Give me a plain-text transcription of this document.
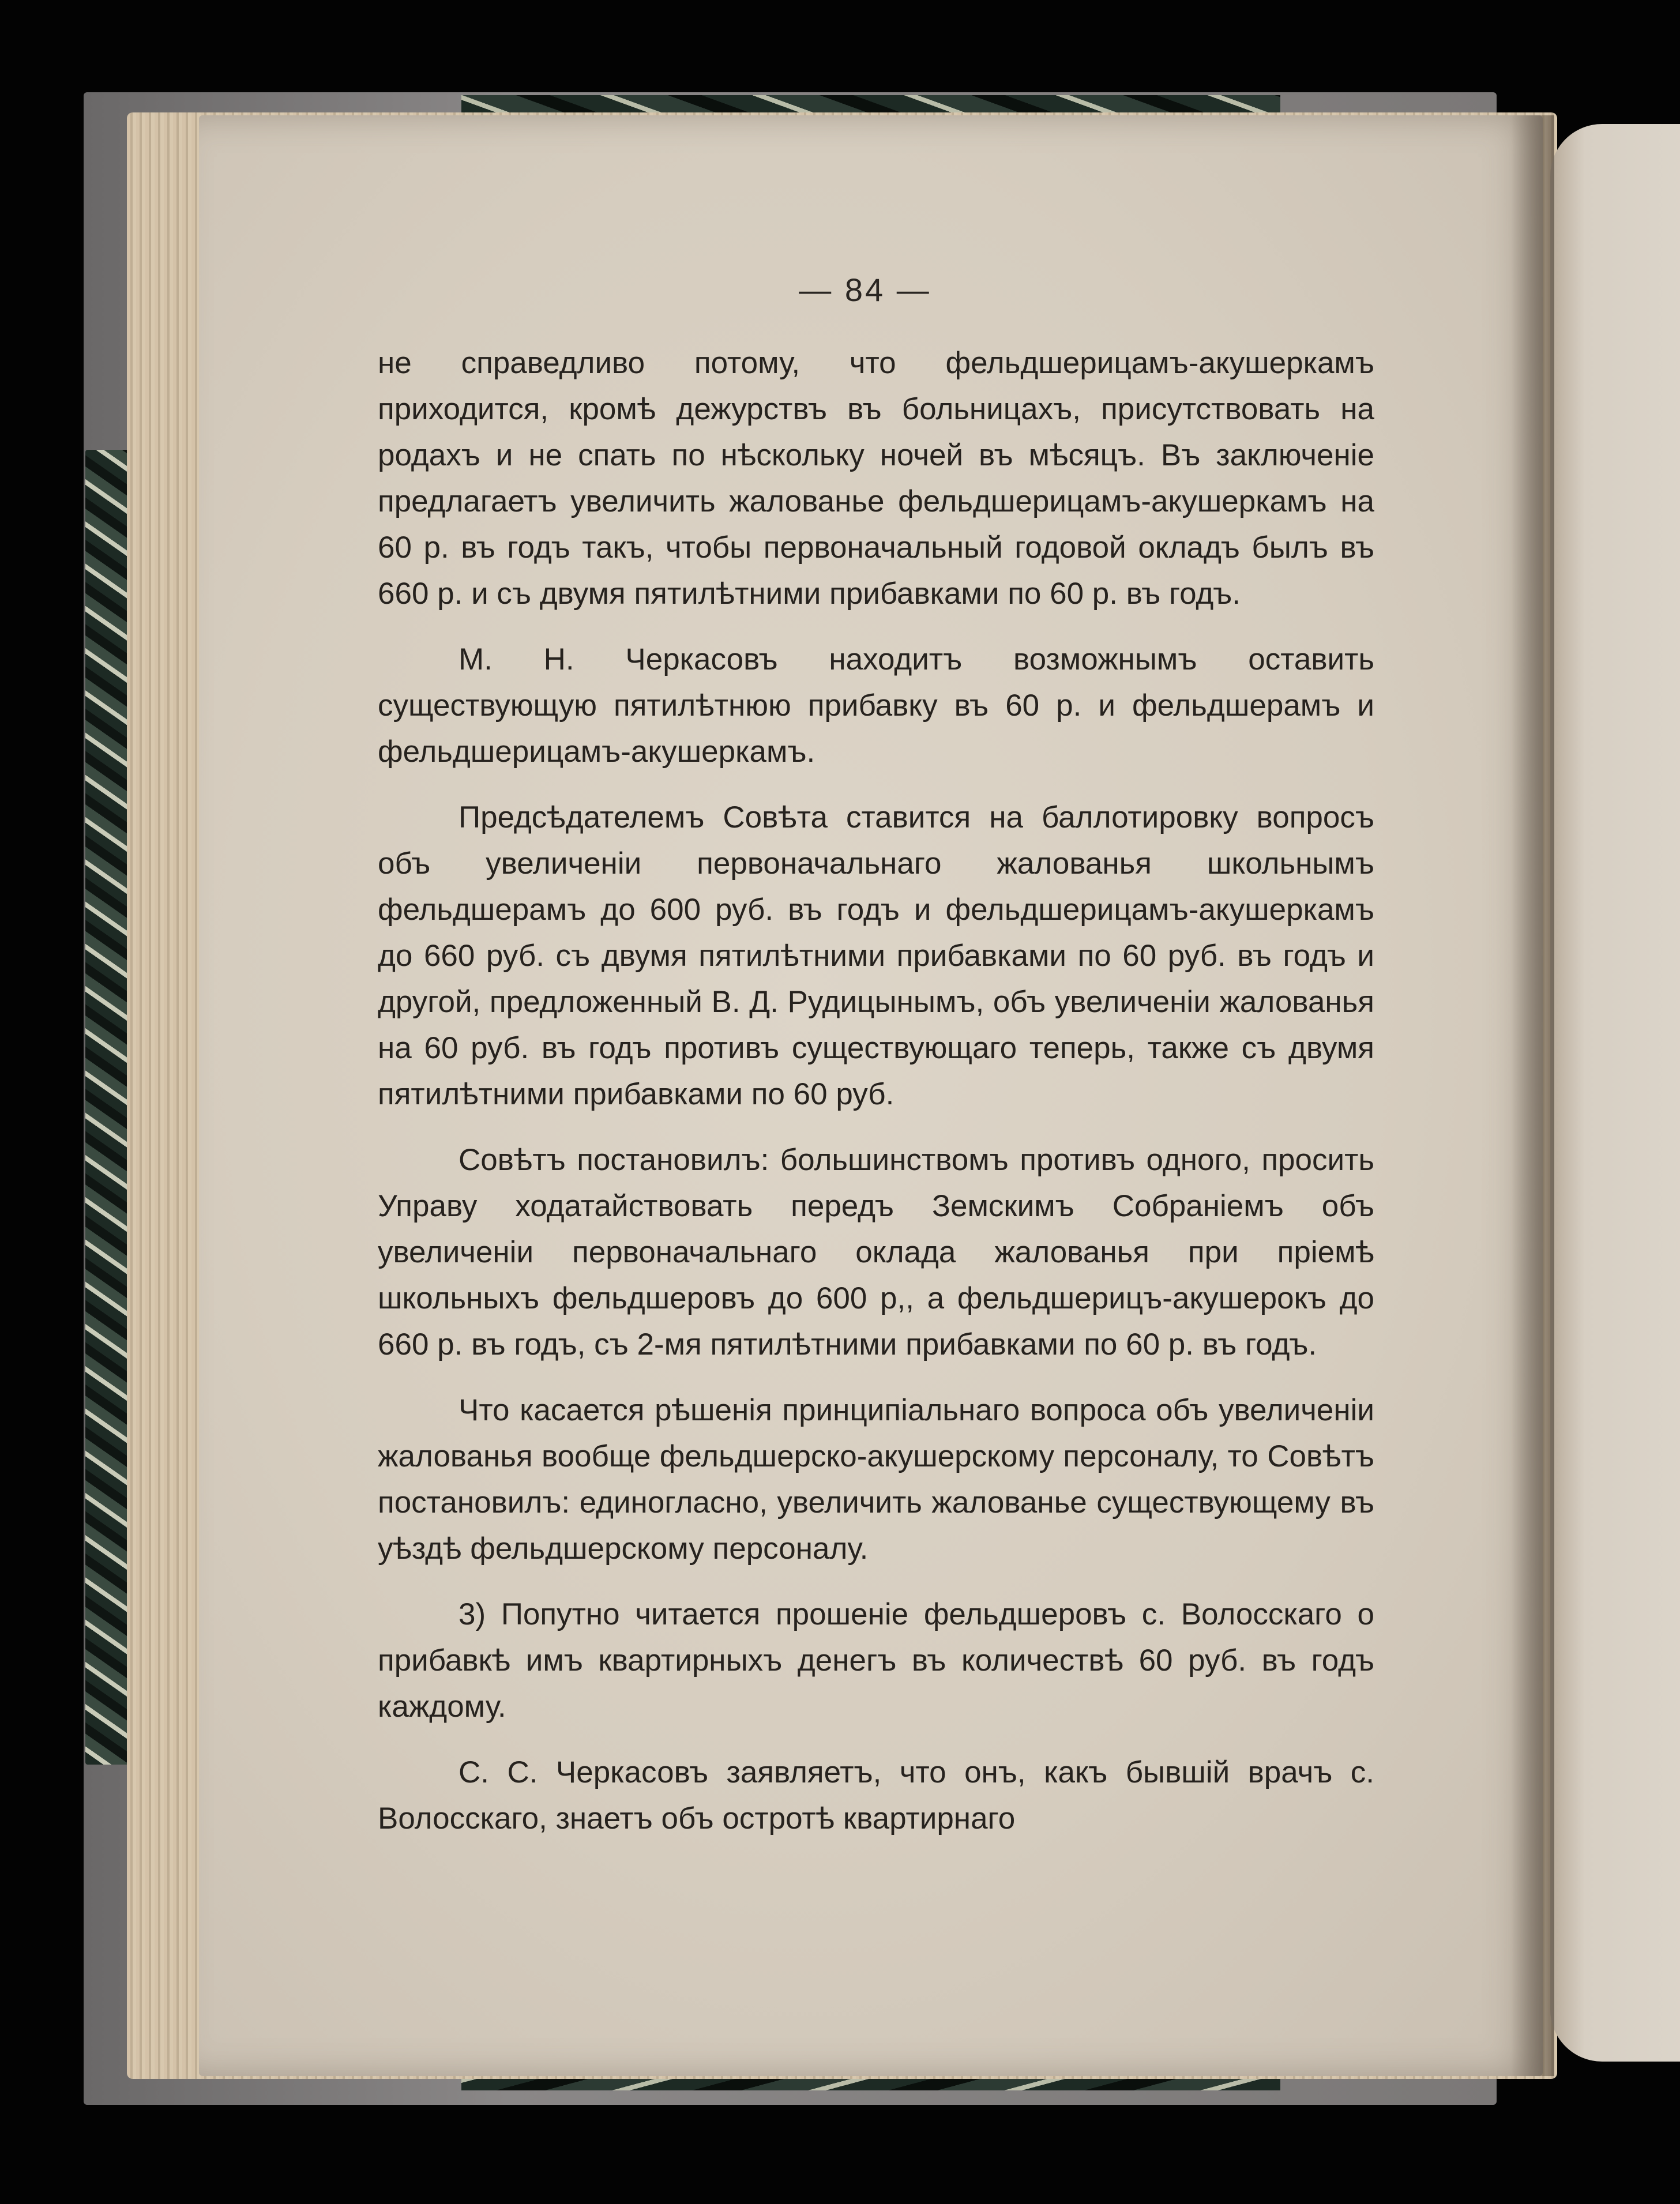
— 84 —

не справедливо потому, что фельдшерицамъ-акушеркамъ приходится, кромѣ дежурствъ въ больницахъ, присутствовать на родахъ и не спать по нѣскольку ночей въ мѣсяцъ. Въ заключенiе предлагаетъ увеличить жалованье фельдшерицамъ-акушеркамъ на 60 р. въ годъ такъ, чтобы первоначальный годовой окладъ былъ въ 660 р. и съ двумя пятилѣтними прибавками по 60 р. въ годъ.

М. Н. Черкасовъ находитъ возможнымъ оставить существующую пятилѣтнюю прибавку въ 60 р. и фельдшерамъ и фельдшерицамъ-акушеркамъ.

Предсѣдателемъ Совѣта ставится на баллотировку вопросъ объ увеличенiи первоначальнаго жалованья школьнымъ фельдшерамъ до 600 руб. въ годъ и фельдшерицамъ-акушеркамъ до 660 руб. съ двумя пятилѣтними прибавками по 60 руб. въ годъ и другой, предложенный В. Д. Рудицынымъ, объ увеличенiи жалованья на 60 руб. въ годъ противъ существующаго теперь, также съ двумя пятилѣтними прибавками по 60 руб.

Совѣтъ постановилъ: большинствомъ противъ одного, просить Управу ходатайствовать передъ Земскимъ Собранiемъ объ увеличенiи первоначальнаго оклада жалованья при прiемѣ школьныхъ фельдшеровъ до 600 р,, а фельдшерицъ-акушерокъ до 660 р. въ годъ, съ 2-мя пятилѣтними прибавками по 60 р. въ годъ.

Что касается рѣшенiя принципiальнаго вопроса объ увеличенiи жалованья вообще фельдшерско-акушерскому персоналу, то Совѣтъ постановилъ: единогласно, увеличить жалованье существующему въ уѣздѣ фельдшерскому персоналу.

3) Попутно читается прошенiе фельдшеровъ с. Волосскаго о прибавкѣ имъ квартирныхъ денегъ въ количествѣ 60 руб. въ годъ каждому.

С. С. Черкасовъ заявляетъ, что онъ, какъ бывшiй врачъ с. Волосскаго, знаетъ объ остротѣ квартирнаго
